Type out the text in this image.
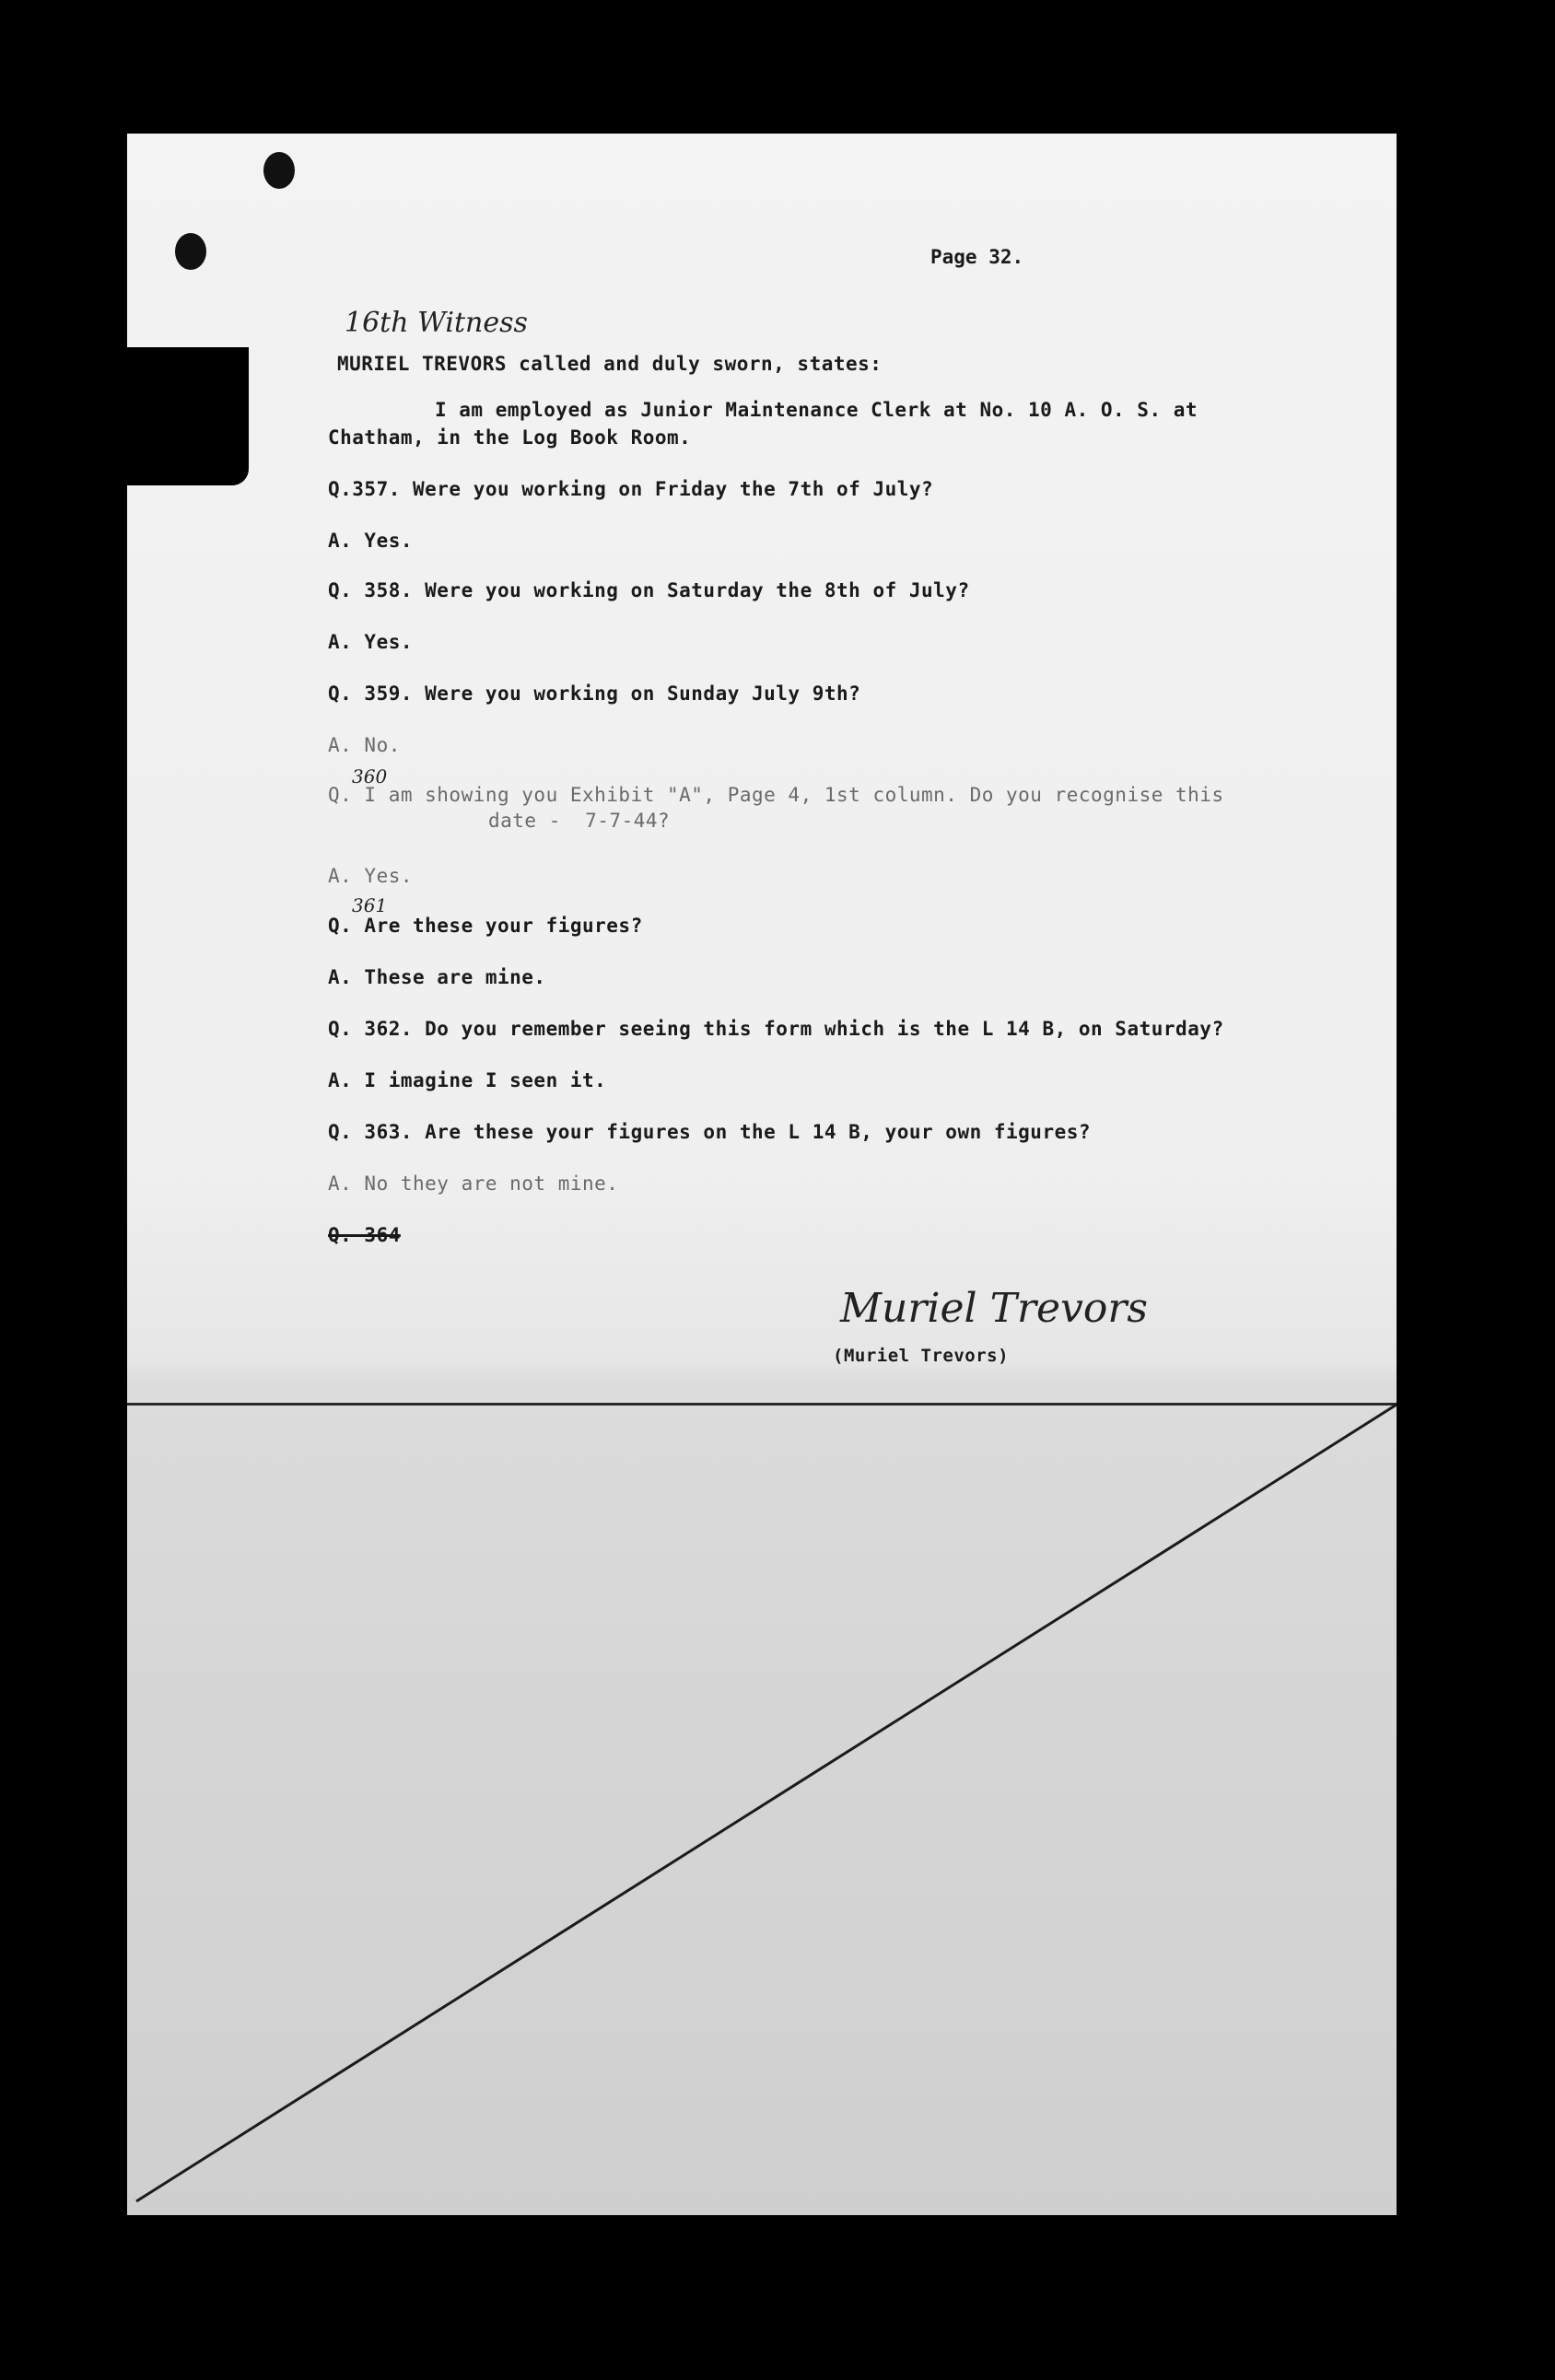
Page 32.
16th Witness
MURIEL TREVORS called and duly sworn, states:
I am employed as Junior Maintenance Clerk at No. 10 A. O. S. at
Chatham, in the Log Book Room.
Q.357. Were you working on Friday the 7th of July?
A. Yes.
Q. 358. Were you working on Saturday the 8th of July?
A. Yes.
Q. 359. Were you working on Sunday July 9th?
A. No.
360
Q. I am showing you Exhibit "A", Page 4, 1st column. Do you recognise this
date -  7-7-44?
A. Yes.
361
Q. Are these your figures?
A. These are mine.
Q. 362. Do you remember seeing this form which is the L 14 B, on Saturday?
A. I imagine I seen it.
Q. 363. Are these your figures on the L 14 B, your own figures?
A. No they are not mine.
Q. 364
Muriel Trevors
(Muriel Trevors)
